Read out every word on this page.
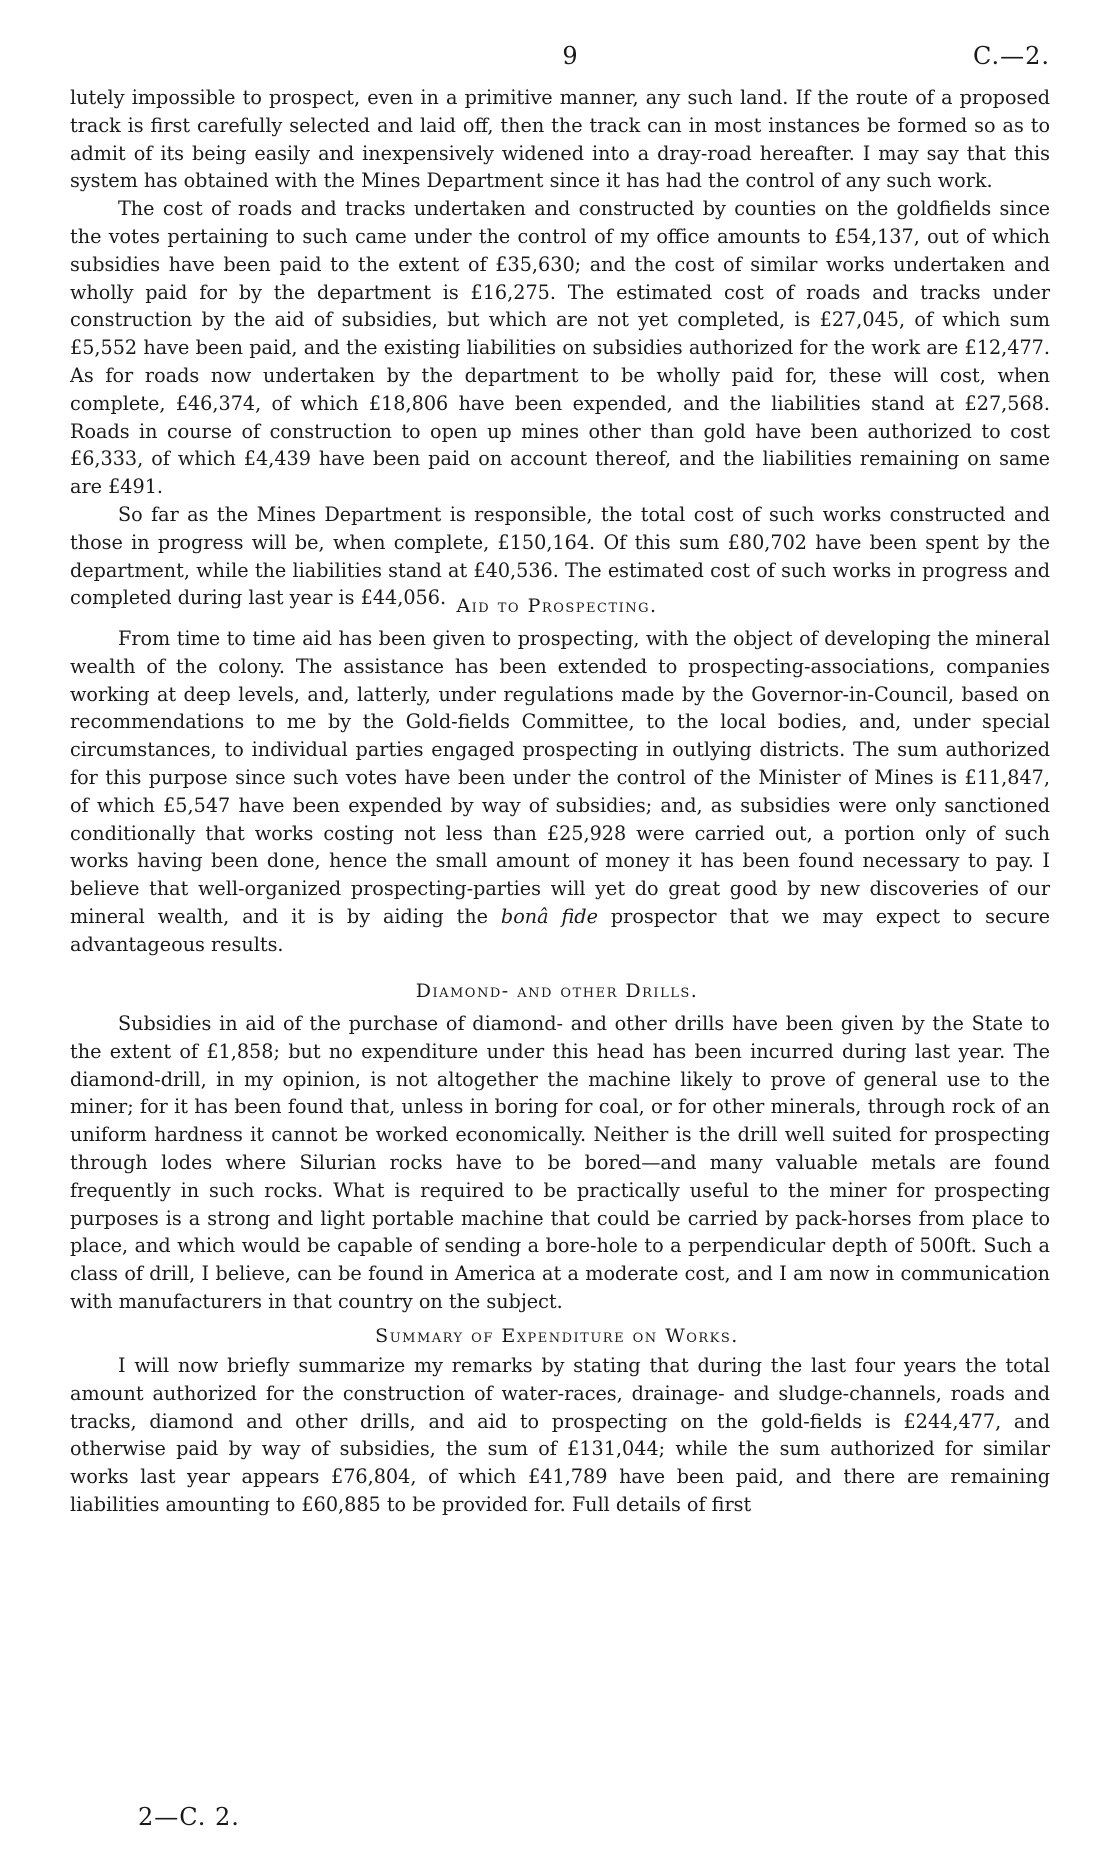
9	C.—2.

lutely impossible to prospect, even in a primitive manner, any such land. If the route of a proposed track is first carefully selected and laid off, then the track can in most instances be formed so as to admit of its being easily and inexpensively widened into a dray-road hereafter. I may say that this system has obtained with the Mines Department since it has had the control of any such work.

The cost of roads and tracks undertaken and constructed by counties on the goldfields since the votes pertaining to such came under the control of my office amounts to £54,137, out of which subsidies have been paid to the extent of £35,630; and the cost of similar works undertaken and wholly paid for by the department is £16,275. The estimated cost of roads and tracks under construction by the aid of subsidies, but which are not yet completed, is £27,045, of which sum £5,552 have been paid, and the existing liabilities on subsidies authorized for the work are £12,477. As for roads now undertaken by the department to be wholly paid for, these will cost, when complete, £46,374, of which £18,806 have been expended, and the liabilities stand at £27,568. Roads in course of construction to open up mines other than gold have been authorized to cost £6,333, of which £4,439 have been paid on account thereof, and the liabilities remaining on same are £491.

So far as the Mines Department is responsible, the total cost of such works constructed and those in progress will be, when complete, £150,164. Of this sum £80,702 have been spent by the department, while the liabilities stand at £40,536. The estimated cost of such works in progress and completed during last year is £44,056. Aid to Prospecting.

From time to time aid has been given to prospecting, with the object of developing the mineral wealth of the colony. The assistance has been extended to prospecting-associations, companies working at deep levels, and, latterly, under regulations made by the Governor-in-Council, based on recommendations to me by the Gold-fields Committee, to the local bodies, and, under special circumstances, to individual parties engaged prospecting in outlying districts. The sum authorized for this purpose since such votes have been under the control of the Minister of Mines is £11,847, of which £5,547 have been expended by way of subsidies; and, as subsidies were only sanctioned conditionally that works costing not less than £25,928 were carried out, a portion only of such works having been done, hence the small amount of money it has been found necessary to pay. I believe that well-organized prospecting-parties will yet do great good by new discoveries of our mineral wealth, and it is by aiding the bonâ fide prospector that we may expect to secure advantageous results.

Diamond- and other Drills.

Subsidies in aid of the purchase of diamond- and other drills have been given by the State to the extent of £1,858; but no expenditure under this head has been incurred during last year. The diamond-drill, in my opinion, is not altogether the machine likely to prove of general use to the miner; for it has been found that, unless in boring for coal, or for other minerals, through rock of an uniform hardness it cannot be worked economically. Neither is the drill well suited for prospecting through lodes where Silurian rocks have to be bored—and many valuable metals are found frequently in such rocks. What is required to be practically useful to the miner for prospecting purposes is a strong and light portable machine that could be carried by pack-horses from place to place, and which would be capable of sending a bore-hole to a perpendicular depth of 500ft. Such a class of drill, I believe, can be found in America at a moderate cost, and I am now in communication with manufacturers in that country on the subject.

Summary of Expenditure on Works.

I will now briefly summarize my remarks by stating that during the last four years the total amount authorized for the construction of water-races, drainage- and sludge-channels, roads and tracks, diamond and other drills, and aid to prospecting on the gold-fields is £244,477, and otherwise paid by way of subsidies, the sum of £131,044; while the sum authorized for similar works last year appears £76,804, of which £41,789 have been paid, and there are remaining liabilities amounting to £60,885 to be provided for. Full details of first

2—C. 2.
